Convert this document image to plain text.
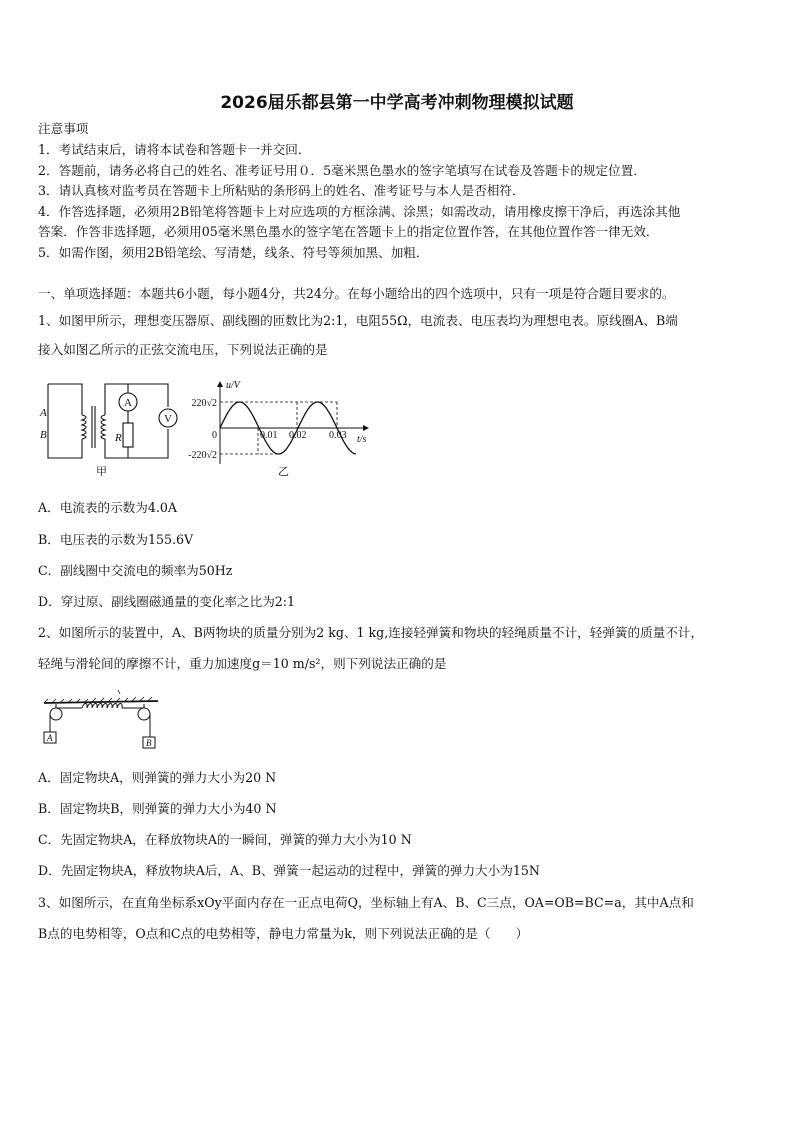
2026届乐都县第一中学高考冲刺物理模拟试题
注意事项
1．考试结束后，请将本试卷和答题卡一并交回．
2．答题前，请务必将自己的姓名、准考证号用０．5毫米黑色墨水的签字笔填写在试卷及答题卡的规定位置．
3．请认真核对监考员在答题卡上所粘贴的条形码上的姓名、准考证号与本人是否相符．
4．作答选择题，必须用2B铅笔将答题卡上对应选项的方框涂满、涂黑；如需改动，请用橡皮擦干净后，再选涂其他
答案．作答非选择题，必须用05毫米黑色墨水的签字笔在答题卡上的指定位置作答，在其他位置作答一律无效．
5．如需作图，须用2B铅笔绘、写清楚，线条、符号等须加黑、加粗．
一、单项选择题：本题共6小题，每小题4分，共24分。在每小题给出的四个选项中，只有一项是符合题目要求的。
1、如图甲所示，理想变压器原、副线圈的匝数比为2:1，电阻55Ω，电流表、电压表均为理想电表。原线圈A、B端
接入如图乙所示的正弦交流电压，下列说法正确的是
A
V
A
B	R
甲
u/V
t/s
220√2
-220√2
0	0.01 0.02 0.03
乙
A．电流表的示数为4.0A
B．电压表的示数为155.6V
C．副线圈中交流电的频率为50Hz
D．穿过原、副线圈磁通量的变化率之比为2:1
2、如图所示的装置中，A、B两物块的质量分别为2 kg、1 kg,连接轻弹簧和物块的轻绳质量不计，轻弹簧的质量不计，
轻绳与滑轮间的摩擦不计，重力加速度g＝10 m/s²，则下列说法正确的是
A	B
A．固定物块A，则弹簧的弹力大小为20 N
B．固定物块B，则弹簧的弹力大小为40 N
C．先固定物块A，在释放物块A的一瞬间，弹簧的弹力大小为10 N
D．先固定物块A，释放物块A后，A、B、弹簧一起运动的过程中，弹簧的弹力大小为15N
3、如图所示，在直角坐标系xOy平面内存在一正点电荷Q，坐标轴上有A、B、C三点，OA=OB=BC=a，其中A点和
B点的电势相等，O点和C点的电势相等，静电力常量为k，则下列说法正确的是（　　）
